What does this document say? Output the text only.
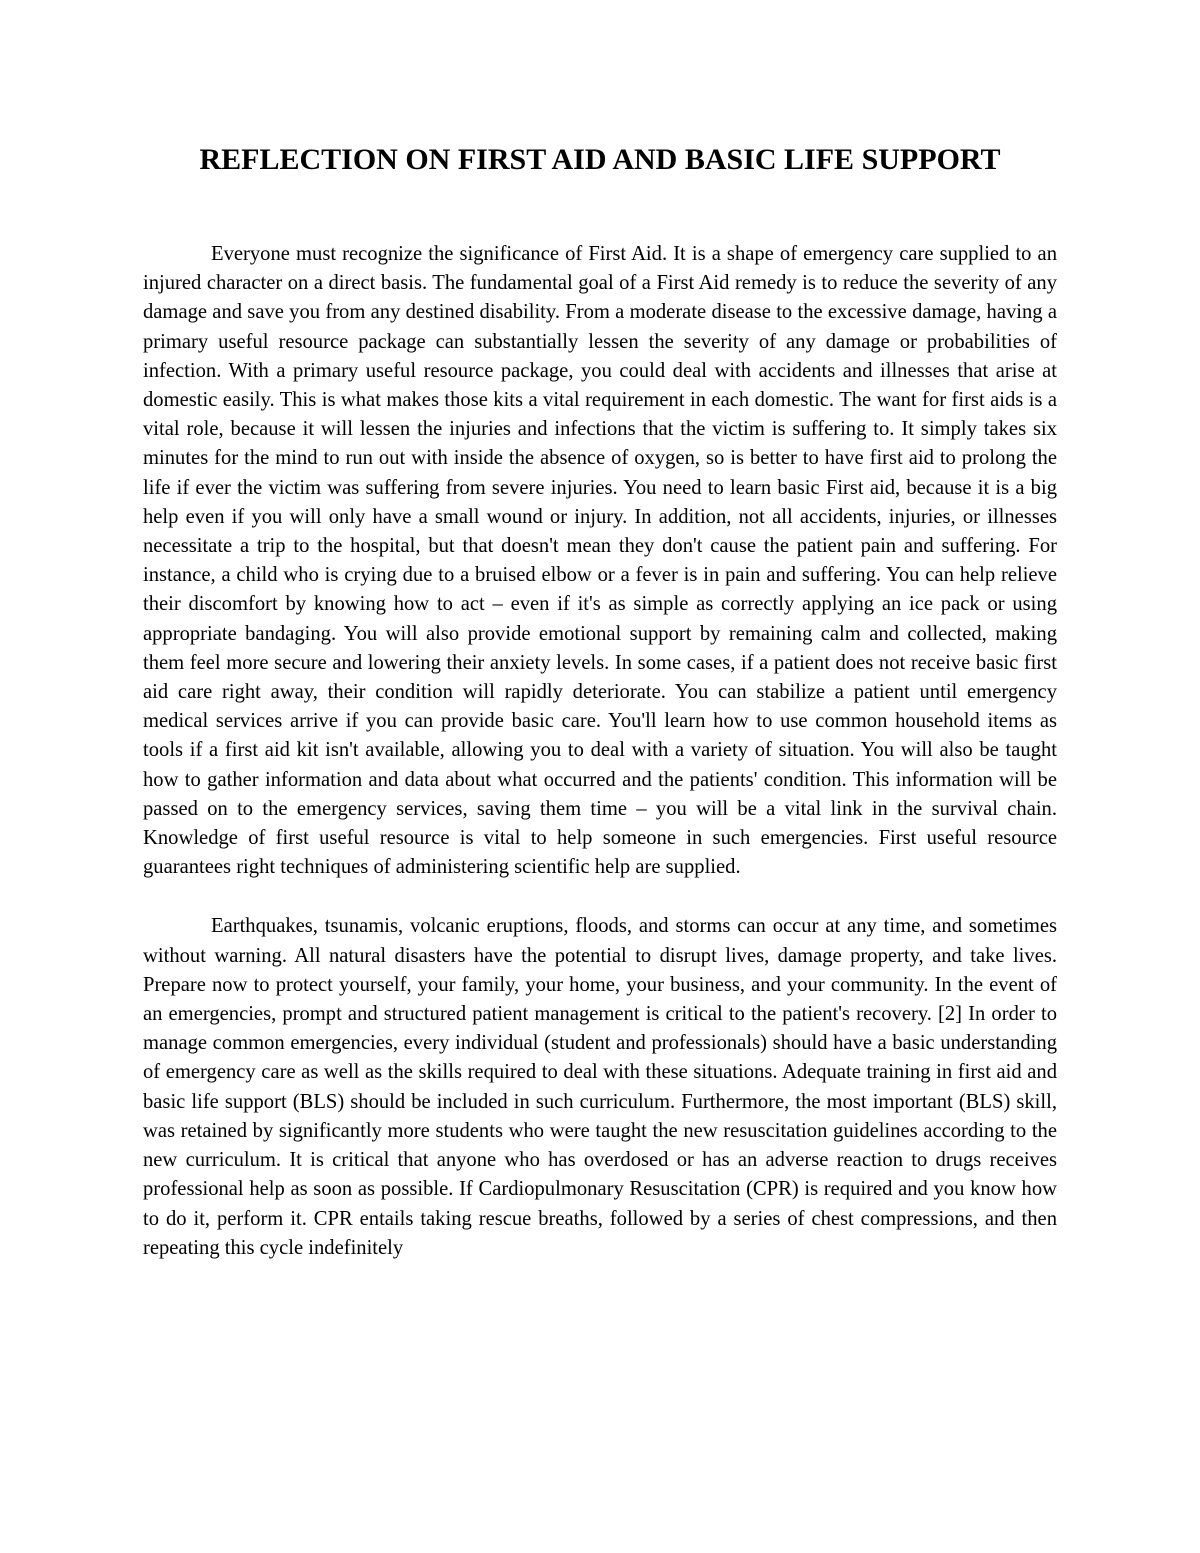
REFLECTION ON FIRST AID AND BASIC LIFE SUPPORT

Everyone must recognize the significance of First Aid. It is a shape of emergency care supplied to an injured character on a direct basis. The fundamental goal of a First Aid remedy is to reduce the severity of any damage and save you from any destined disability. From a moderate disease to the excessive damage, having a primary useful resource package can substantially lessen the severity of any damage or probabilities of infection. With a primary useful resource package, you could deal with accidents and illnesses that arise at domestic easily. This is what makes those kits a vital requirement in each domestic. The want for first aids is a vital role, because it will lessen the injuries and infections that the victim is suffering to. It simply takes six minutes for the mind to run out with inside the absence of oxygen, so is better to have first aid to prolong the life if ever the victim was suffering from severe injuries. You need to learn basic First aid, because it is a big help even if you will only have a small wound or injury. In addition, not all accidents, injuries, or illnesses necessitate a trip to the hospital, but that doesn't mean they don't cause the patient pain and suffering. For instance, a child who is crying due to a bruised elbow or a fever is in pain and suffering. You can help relieve their discomfort by knowing how to act – even if it's as simple as correctly applying an ice pack or using appropriate bandaging. You will also provide emotional support by remaining calm and collected, making them feel more secure and lowering their anxiety levels. In some cases, if a patient does not receive basic first aid care right away, their condition will rapidly deteriorate. You can stabilize a patient until emergency medical services arrive if you can provide basic care. You'll learn how to use common household items as tools if a first aid kit isn't available, allowing you to deal with a variety of situation. You will also be taught how to gather information and data about what occurred and the patients' condition. This information will be passed on to the emergency services, saving them time – you will be a vital link in the survival chain. Knowledge of first useful resource is vital to help someone in such emergencies. First useful resource guarantees right techniques of administering scientific help are supplied.

Earthquakes, tsunamis, volcanic eruptions, floods, and storms can occur at any time, and sometimes without warning. All natural disasters have the potential to disrupt lives, damage property, and take lives. Prepare now to protect yourself, your family, your home, your business, and your community. In the event of an emergencies, prompt and structured patient management is critical to the patient's recovery. [2] In order to manage common emergencies, every individual (student and professionals) should have a basic understanding of emergency care as well as the skills required to deal with these situations. Adequate training in first aid and basic life support (BLS) should be included in such curriculum. Furthermore, the most important (BLS) skill, was retained by significantly more students who were taught the new resuscitation guidelines according to the new curriculum. It is critical that anyone who has overdosed or has an adverse reaction to drugs receives professional help as soon as possible. If Cardiopulmonary Resuscitation (CPR) is required and you know how to do it, perform it. CPR entails taking rescue breaths, followed by a series of chest compressions, and then repeating this cycle indefinitely
